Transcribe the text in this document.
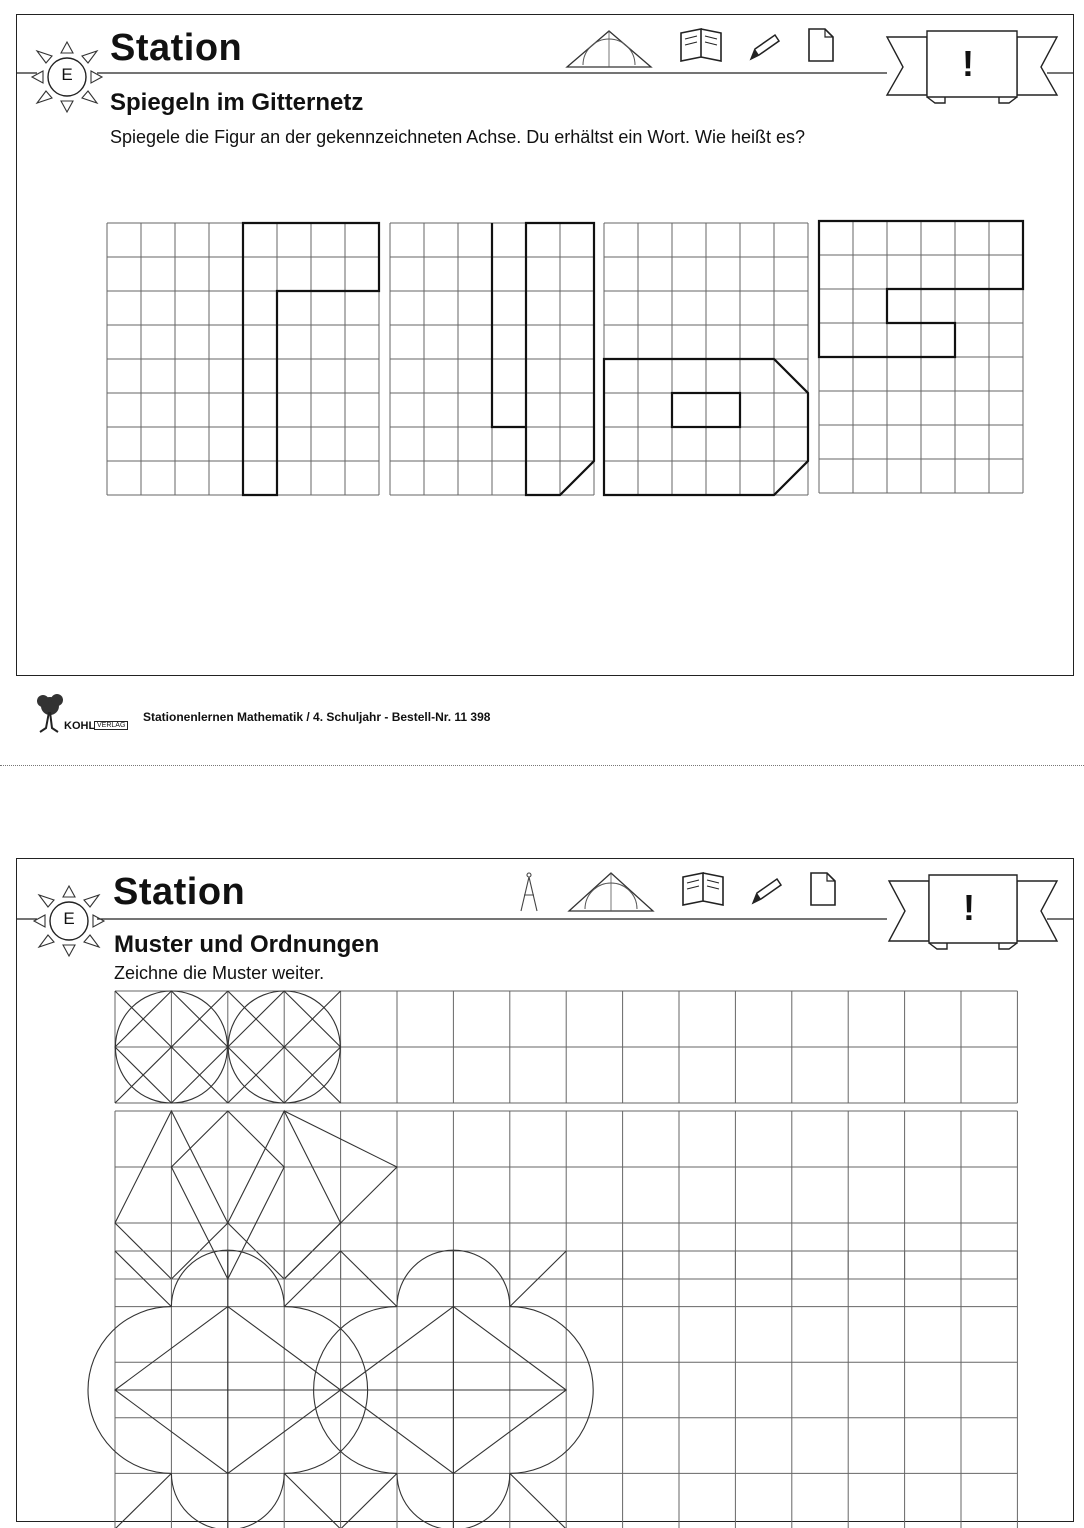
Station
E	!
Spiegeln im Gitternetz
Spiegele die Figur an der gekennzeichneten Achse. Du erhältst ein Wort. Wie heißt es?
KOHL VERLAG
Stationenlernen Mathematik / 4. Schuljahr - Bestell-Nr. 11 398
Station
E	!
Muster und Ordnungen
Zeichne die Muster weiter.
